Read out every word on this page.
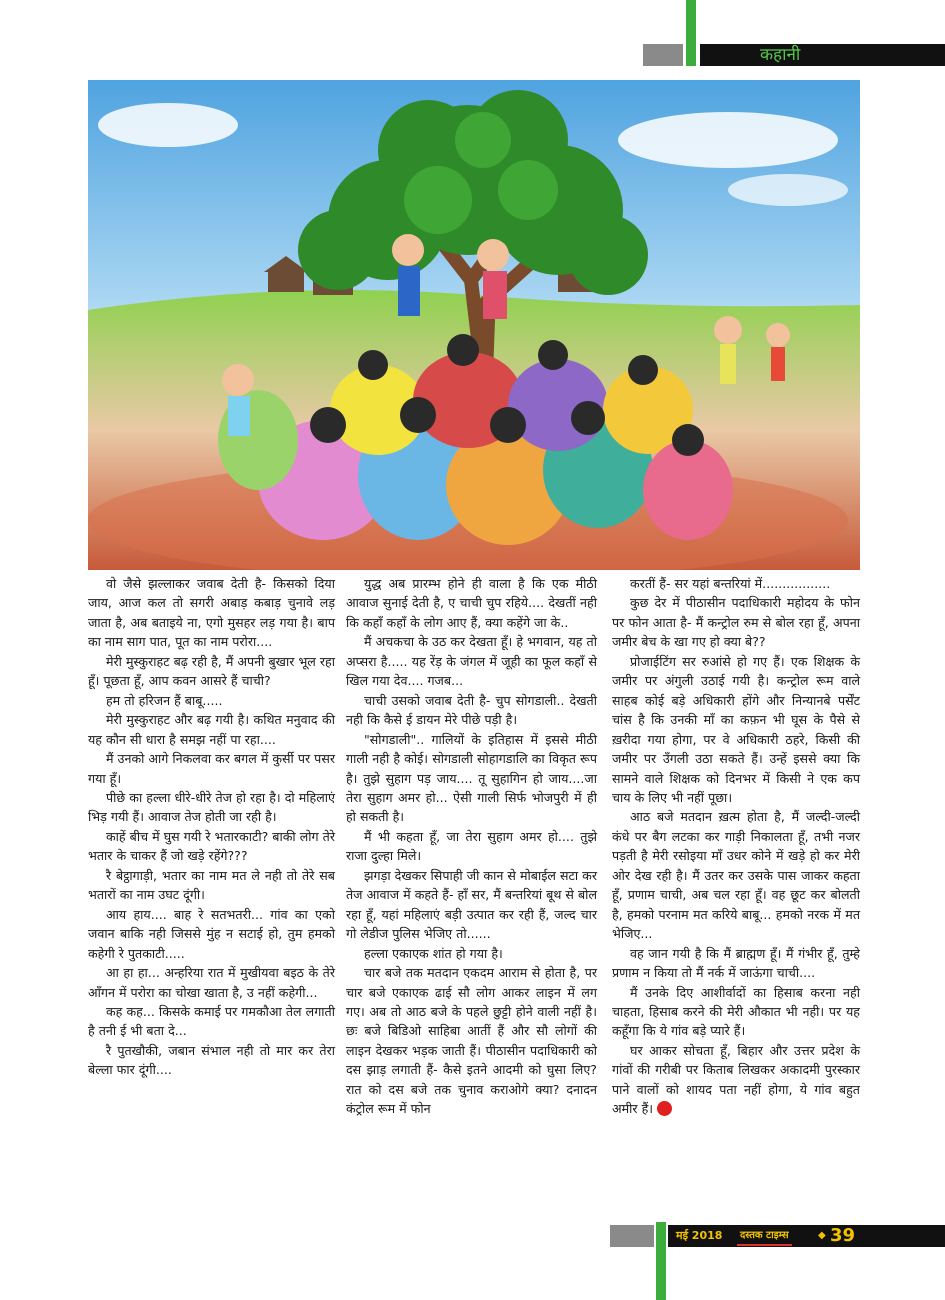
कहानी

वो जैसे झल्लाकर जवाब देती है- किसको दिया जाय, आज कल तो सगरी अबाड़ कबाड़ चुनावे लड़ जाता है, अब बताइये ना, एगो मुसहर लड़ गया है। बाप का नाम साग पात, पूत का नाम परोरा....

मेरी मुस्कुराहट बढ़ रही है, मैं अपनी बुखार भूल रहा हूँ। पूछता हूँ, आप कवन आसरे हैं चाची?

हम तो हरिजन हैं बाबू.....

मेरी मुस्कुराहट और बढ़ गयी है। कथित मनुवाद की यह कौन सी धारा है समझ नहीं पा रहा....

मैं उनको आगे निकलवा कर बगल में कुर्सी पर पसर गया हूँ।

पीछे का हल्ला धीरे-धीरे तेज हो रहा है। दो महिलाएं भिड़ गयी हैं। आवाज तेज होती जा रही है।

काहें बीच में घुस गयी रे भतारकाटी? बाकी लोग तेरे भतार के चाकर हैं जो खड़े रहेंगे???

रै बेट्ठागाड़ी, भतार का नाम मत ले नही तो तेरे सब भतारों का नाम उघट दूंगी।

आय हाय.... बाह रे सतभतरी... गांव का एको जवान बाकि नही जिससे मुंह न सटाई हो, तुम हमको कहेगी रे पुतकाटी.....

आ हा हा... अन्हरिया रात में मुखीयवा बइठ के तेरे आँगन में परोरा का चोखा खाता है, उ नहीं कहेगी...

कह कह... किसके कमाई पर गमकौआ तेल लगाती है तनी ई भी बता दे...

रै पुतखौकी, जबान संभाल नही तो मार कर तेरा बेल्ला फार दूंगी....

युद्ध अब प्रारम्भ होने ही वाला है कि एक मीठी आवाज सुनाई देती है, ए चाची चुप रहिये.... देखतीं नही कि कहाँ कहाँ के लोग आए हैं, क्या कहेंगे जा के..

मैं अचकचा के उठ कर देखता हूँ। हे भगवान, यह तो अप्सरा है..... यह रेंड़ के जंगल में जूही का फूल कहाँ से खिल गया देव.... गजब...

चाची उसको जवाब देती है- चुप सोगडाली.. देखती नही कि कैसे ई डायन मेरे पीछे पड़ी है।

"सोगडाली".. गालियों के इतिहास में इससे मीठी गाली नही है कोई। सोगडाली सोहागडालि का विकृत रूप है। तुझे सुहाग पड़ जाय.... तू सुहागिन हो जाय....जा तेरा सुहाग अमर हो... ऐसी गाली सिर्फ भोजपुरी में ही हो सकती है।

मैं भी कहता हूँ, जा तेरा सुहाग अमर हो.... तुझे राजा दुल्हा मिले।

झगड़ा देखकर सिपाही जी कान से मोबाईल सटा कर तेज आवाज में कहते हैं- हाँ सर, मैं बन्तरियां बूथ से बोल रहा हूँ, यहां महिलाएं बड़ी उत्पात कर रही हैं, जल्द चार गो लेडीज पुलिस भेजिए तो......

हल्ला एकाएक शांत हो गया है।

चार बजे तक मतदान एकदम आराम से होता है, पर चार बजे एकाएक ढाई सौ लोग आकर लाइन में लग गए। अब तो आठ बजे के पहले छुट्टी होने वाली नहीं है। छः बजे बिडिओ साहिबा आतीं हैं और सौ लोगों की लाइन देखकर भड़क जाती हैं। पीठासीन पदाधिकारी को दस झाड़ लगाती हैं- कैसे इतने आदमी को घुसा लिए? रात को दस बजे तक चुनाव कराओगे क्या? दनादन कंट्रोल रूम में फोन

करतीं हैं- सर यहां बन्तरियां में.................

कुछ देर में पीठासीन पदाधिकारी महोदय के फोन पर फोन आता है- मैं कन्ट्रोल रुम से बोल रहा हूँ, अपना जमीर बेच के खा गए हो क्या बे??

प्रोजाईटिंग सर रुआंसे हो गए हैं। एक शिक्षक के जमीर पर अंगुली उठाई गयी है। कन्ट्रोल रूम वाले साहब कोई बड़े अधिकारी होंगे और निन्यानबे पर्सेंट चांस है कि उनकी माँ का कफ़न भी घूस के पैसे से ख़रीदा गया होगा, पर वे अधिकारी ठहरे, किसी की जमीर पर उँगली उठा सकते हैं। उन्हें इससे क्या कि सामने वाले शिक्षक को दिनभर में किसी ने एक कप चाय के लिए भी नहीं पूछा।

आठ बजे मतदान ख़त्म होता है, मैं जल्दी-जल्दी कंधे पर बैग लटका कर गाड़ी निकालता हूँ, तभी नजर पड़ती है मेरी रसोइया माँ उधर कोने में खड़े हो कर मेरी ओर देख रही है। मैं उतर कर उसके पास जाकर कहता हूँ, प्रणाम चाची, अब चल रहा हूँ। वह छूट कर बोलती है, हमको परनाम मत करिये बाबू... हमको नरक में मत भेजिए...

वह जान गयी है कि मैं ब्राह्मण हूँ। मैं गंभीर हूँ, तुम्हे प्रणाम न किया तो मैं नर्क में जाऊंगा चाची....

मैं उनके दिए आशीर्वादों का हिसाब करना नही चाहता, हिसाब करने की मेरी औकात भी नही। पर यह कहूँगा कि ये गांव बड़े प्यारे हैं।

घर आकर सोचता हूँ, बिहार और उत्तर प्रदेश के गांवों की गरीबी पर किताब लिखकर अकादमी पुरस्कार पाने वालों को शायद पता नहीं होगा, ये गांव बहुत अमीर हैं।

मई 2018	दस्तक टाइम्स	◆ 39
